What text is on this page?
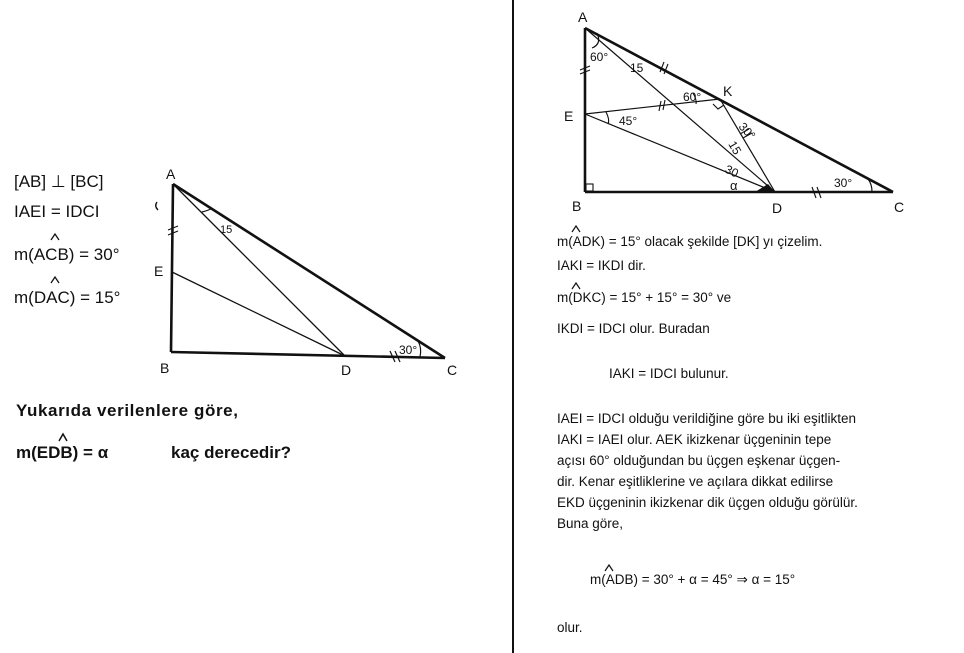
[AB] ⊥ [BC]
IAEI = IDCI
m(ACB) = 30°
m(DAC) = 15°
A
E
B	D	C
15
30°
Yukarıda verilenlere göre,
m(EDB) = α	kaç derecedir?
A
E
B	D	C
K
60°
15
60°
45°	30°
15
30
α	30°
m(ADK) = 15° olacak şekilde [DK] yı çizelim.
IAKI = IKDI dir.
m(DKC) = 15° + 15° = 30° ve
IKDI = IDCI olur. Buradan
IAKI = IDCI bulunur.
IAEI = IDCI olduğu verildiğine göre bu iki eşitlikten
IAKI = IAEI olur. AEK ikizkenar üçgeninin tepe
açısı 60° olduğundan bu üçgen eşkenar üçgen-
dir. Kenar eşitliklerine ve açılara dikkat edilirse
EKD üçgeninin ikizkenar dik üçgen olduğu görülür.
Buna göre,
m(ADB) = 30° + α = 45° ⇒ α = 15°
olur.
